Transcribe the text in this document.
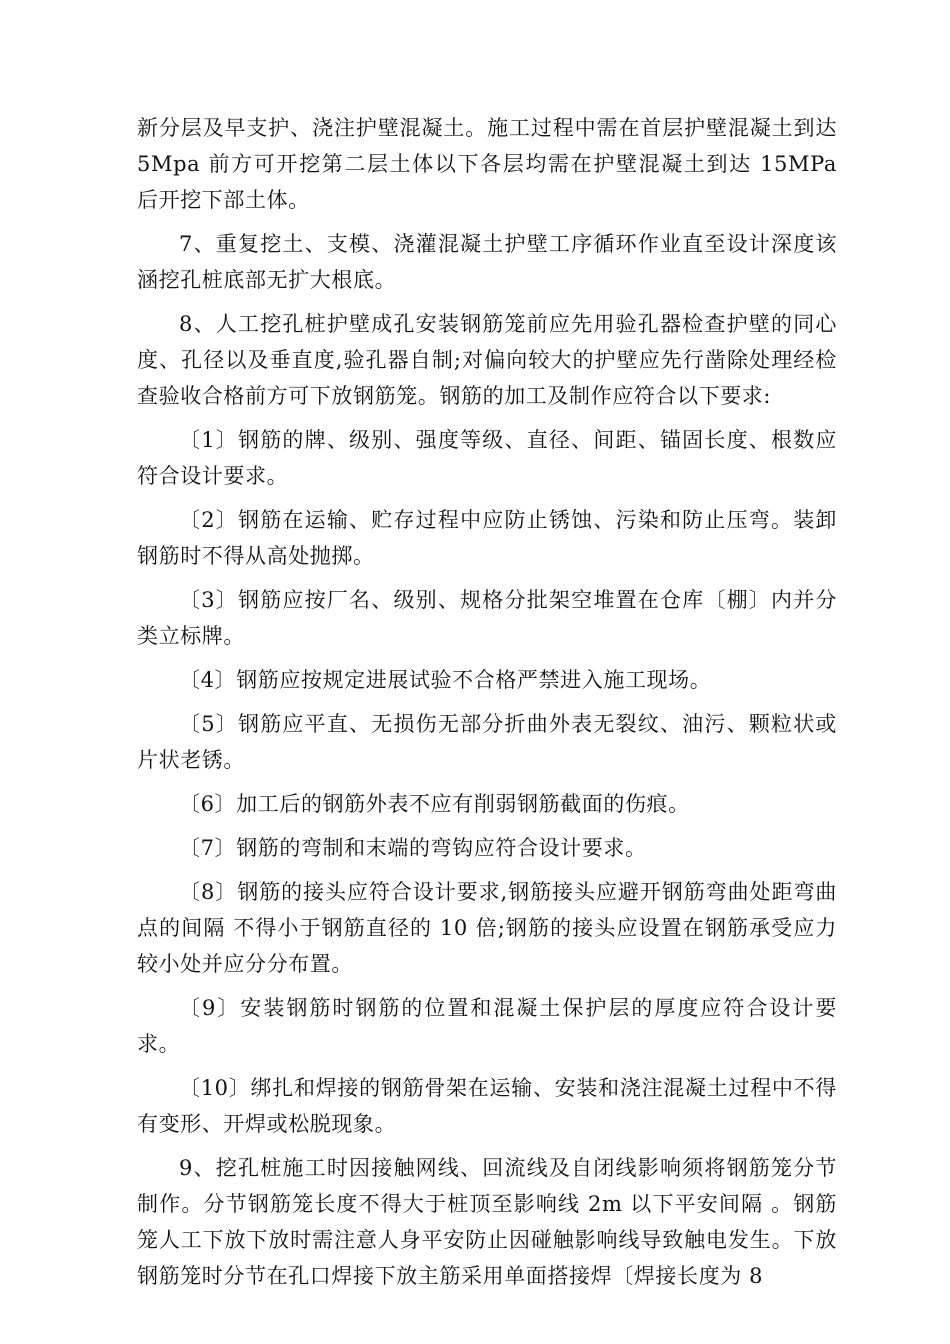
新分层及早支护、浇注护壁混凝土。施工过程中需在首层护壁混凝土到达 5Mpa 前方可开挖第二层土体以下各层均需在护壁混凝土到达 15MPa 后开挖下部土体。

7、重复挖土、支模、浇灌混凝土护壁工序循环作业直至设计深度该涵挖孔桩底部无扩大根底。

8、人工挖孔桩护壁成孔安装钢筋笼前应先用验孔器检查护壁的同心度、孔径以及垂直度,验孔器自制;对偏向较大的护壁应先行凿除处理经检查验收合格前方可下放钢筋笼。钢筋的加工及制作应符合以下要求:

〔1〕钢筋的牌、级别、强度等级、直径、间距、锚固长度、根数应符合设计要求。

〔2〕钢筋在运输、贮存过程中应防止锈蚀、污染和防止压弯。装卸钢筋时不得从高处抛掷。

〔3〕钢筋应按厂名、级别、规格分批架空堆置在仓库〔棚〕内并分类立标牌。

〔4〕钢筋应按规定进展试验不合格严禁进入施工现场。

〔5〕钢筋应平直、无损伤无部分折曲外表无裂纹、油污、颗粒状或片状老锈。

〔6〕加工后的钢筋外表不应有削弱钢筋截面的伤痕。

〔7〕钢筋的弯制和末端的弯钩应符合设计要求。

〔8〕钢筋的接头应符合设计要求,钢筋接头应避开钢筋弯曲处距弯曲点的间隔 不得小于钢筋直径的 10 倍;钢筋的接头应设置在钢筋承受应力较小处并应分分布置。

〔9〕安装钢筋时钢筋的位置和混凝土保护层的厚度应符合设计要求。

〔10〕绑扎和焊接的钢筋骨架在运输、安装和浇注混凝土过程中不得有变形、开焊或松脱现象。

9、挖孔桩施工时因接触网线、回流线及自闭线影响须将钢筋笼分节制作。分节钢筋笼长度不得大于桩顶至影响线 2m 以下平安间隔 。钢筋笼人工下放下放时需注意人身平安防止因碰触影响线导致触电发生。下放钢筋笼时分节在孔口焊接下放主筋采用单面搭接焊〔焊接长度为 8
